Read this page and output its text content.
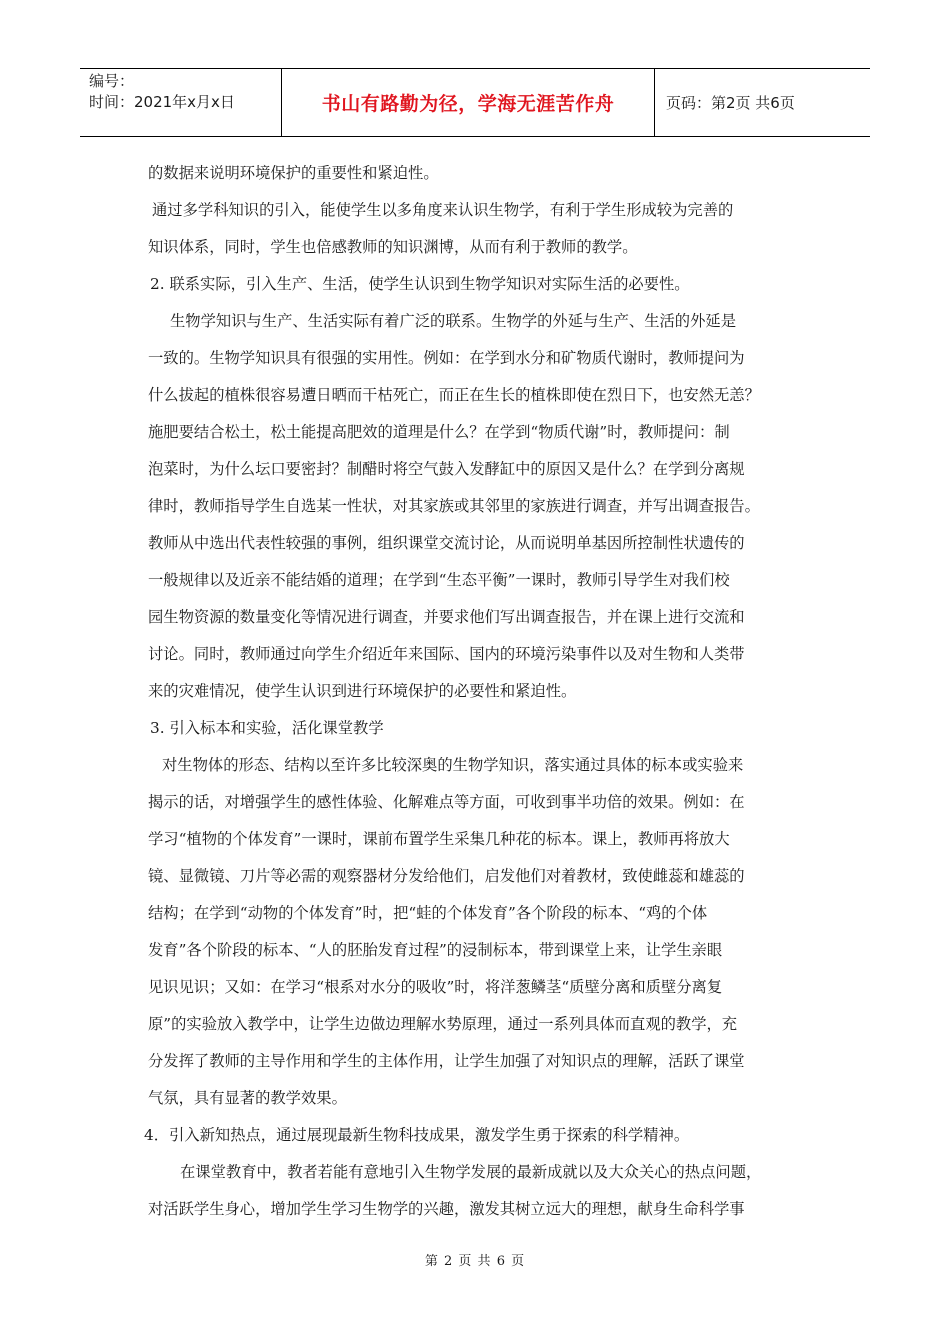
编号：
时间：2021年x月x日	书山有路勤为径，学海无涯苦作舟	页码：第2页 共6页

的数据来说明环境保护的重要性和紧迫性。

通过多学科知识的引入，能使学生以多角度来认识生物学，有利于学生形成较为完善的

知识体系，同时，学生也倍感教师的知识渊博，从而有利于教师的教学。

2. 联系实际，引入生产、生活，使学生认识到生物学知识对实际生活的必要性。

生物学知识与生产、生活实际有着广泛的联系。生物学的外延与生产、生活的外延是

一致的。生物学知识具有很强的实用性。例如：在学到水分和矿物质代谢时，教师提问为

什么拔起的植株很容易遭日晒而干枯死亡，而正在生长的植株即使在烈日下，也安然无恙？

施肥要结合松土，松土能提高肥效的道理是什么？在学到“物质代谢”时，教师提问：制

泡菜时，为什么坛口要密封？制醋时将空气鼓入发酵缸中的原因又是什么？在学到分离规

律时，教师指导学生自选某一性状，对其家族或其邻里的家族进行调查，并写出调查报告。

教师从中选出代表性较强的事例，组织课堂交流讨论，从而说明单基因所控制性状遗传的

一般规律以及近亲不能结婚的道理；在学到“生态平衡”一课时，教师引导学生对我们校

园生物资源的数量变化等情况进行调查，并要求他们写出调查报告，并在课上进行交流和

讨论。同时，教师通过向学生介绍近年来国际、国内的环境污染事件以及对生物和人类带

来的灾难情况，使学生认识到进行环境保护的必要性和紧迫性。

3. 引入标本和实验，活化课堂教学

对生物体的形态、结构以至许多比较深奥的生物学知识，落实通过具体的标本或实验来

揭示的话，对增强学生的感性体验、化解难点等方面，可收到事半功倍的效果。例如：在

学习“植物的个体发育”一课时，课前布置学生采集几种花的标本。课上，教师再将放大

镜、显微镜、刀片等必需的观察器材分发给他们，启发他们对着教材，致使雌蕊和雄蕊的

结构；在学到“动物的个体发育”时，把“蛙的个体发育”各个阶段的标本、“鸡的个体

发育”各个阶段的标本、“人的胚胎发育过程”的浸制标本，带到课堂上来，让学生亲眼

见识见识；又如：在学习“根系对水分的吸收”时，将洋葱鳞茎“质壁分离和质壁分离复

原”的实验放入教学中，让学生边做边理解水势原理，通过一系列具体而直观的教学，充

分发挥了教师的主导作用和学生的主体作用，让学生加强了对知识点的理解，活跃了课堂

气氛，具有显著的教学效果。

4．引入新知热点，通过展现最新生物科技成果，激发学生勇于探索的科学精神。

在课堂教育中，教者若能有意地引入生物学发展的最新成就以及大众关心的热点问题，

对活跃学生身心，增加学生学习生物学的兴趣，激发其树立远大的理想，献身生命科学事

第 2 页 共 6 页
